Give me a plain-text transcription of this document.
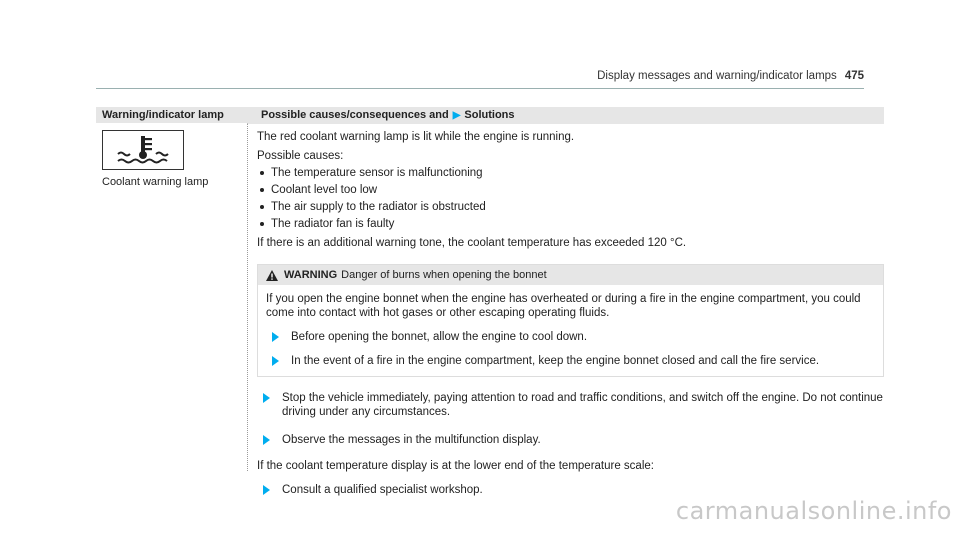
Display messages and warning/indicator lamps 475
Warning/indicator lamp	Possible causes/consequences and ▶ Solutions
Coolant warning lamp

The red coolant warning lamp is lit while the engine is running.

Possible causes:

The temperature sensor is malfunctioning
Coolant level too low
The air supply to the radiator is obstructed
The radiator fan is faulty

If there is an additional warning tone, the coolant temperature has exceeded 120 °C.

WARNING Danger of burns when opening the bonnet

If you open the engine bonnet when the engine has overheated or during a fire in the engine compartment, you could come into contact with hot gases or other escaping operating fluids.

Before opening the bonnet, allow the engine to cool down.

In the event of a fire in the engine compartment, keep the engine bonnet closed and call the fire service.

Stop the vehicle immediately, paying attention to road and traffic conditions, and switch off the engine. Do not continue driving under any circumstances.

Observe the messages in the multifunction display.

If the coolant temperature display is at the lower end of the temperature scale:

Consult a qualified specialist workshop.

carmanualsonline.info
